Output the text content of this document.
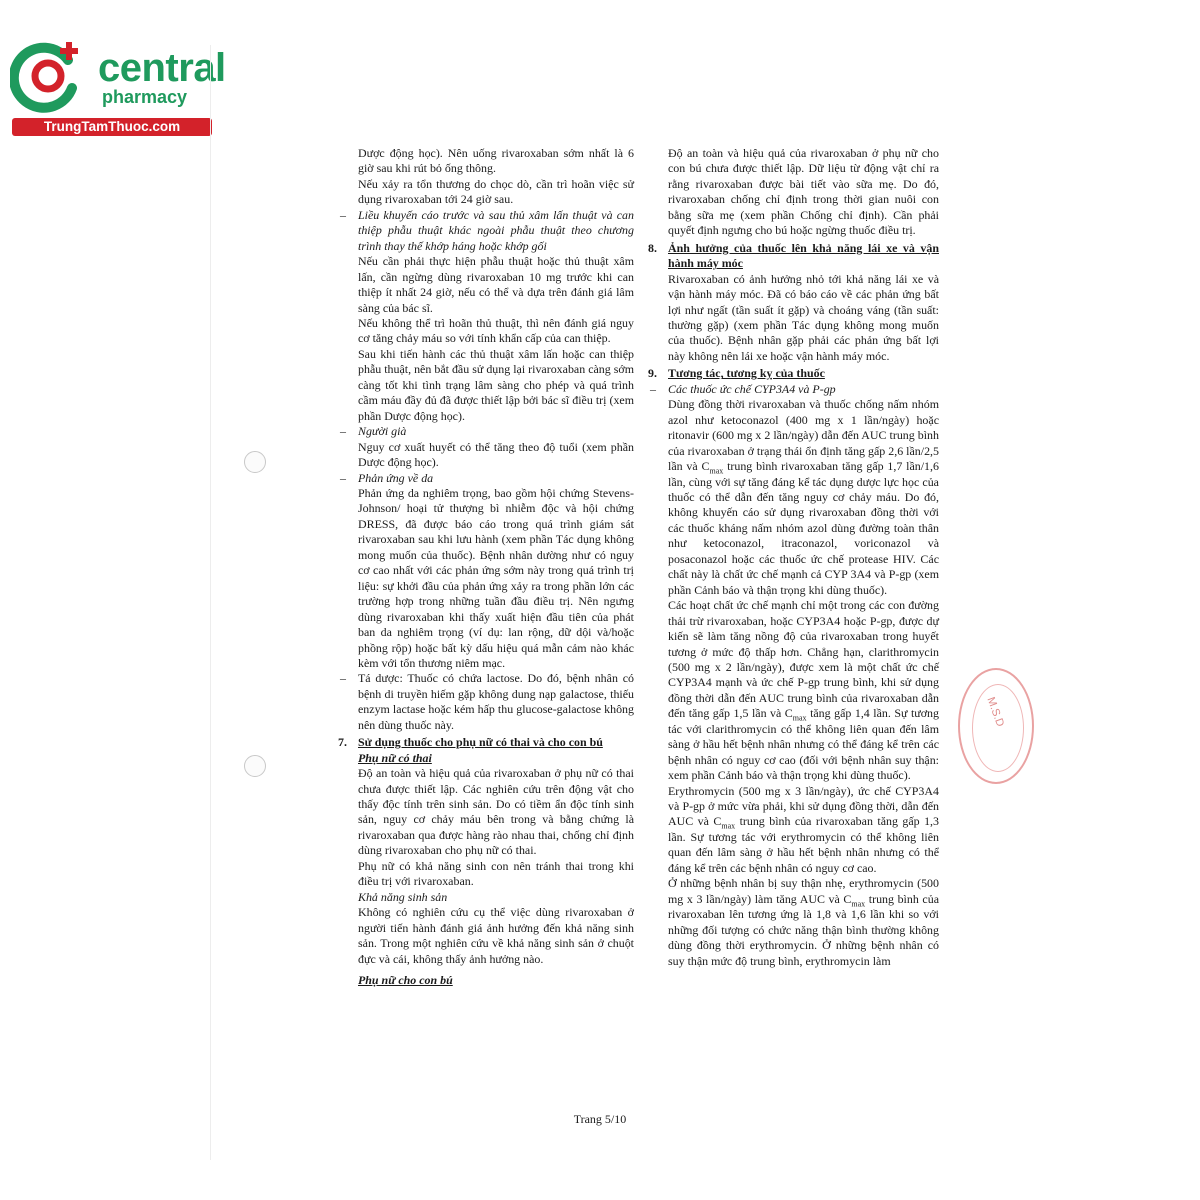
central
pharmacy
TrungTamThuoc.com
M.S.D

Dược động học). Nên uống rivaroxaban sớm nhất là 6 giờ sau khi rút bỏ ống thông.

Nếu xảy ra tổn thương do chọc dò, cần trì hoãn việc sử dụng rivaroxaban tới 24 giờ sau.

– Liều khuyến cáo trước và sau thủ xâm lấn thuật và can thiệp phẫu thuật khác ngoài phẫu thuật theo chương trình thay thế khớp háng hoặc khớp gối

Nếu cần phải thực hiện phẫu thuật hoặc thủ thuật xâm lấn, cần ngừng dùng rivaroxaban 10 mg trước khi can thiệp ít nhất 24 giờ, nếu có thể và dựa trên đánh giá lâm sàng của bác sĩ.

Nếu không thể trì hoãn thủ thuật, thì nên đánh giá nguy cơ tăng chảy máu so với tính khẩn cấp của can thiệp.

Sau khi tiến hành các thủ thuật xâm lấn hoặc can thiệp phẫu thuật, nên bắt đầu sử dụng lại rivaroxaban càng sớm càng tốt khi tình trạng lâm sàng cho phép và quá trình cầm máu đầy đủ đã được thiết lập bởi bác sĩ điều trị (xem phần Dược động học).

– Người già

Nguy cơ xuất huyết có thể tăng theo độ tuổi (xem phần Dược động học).

– Phản ứng về da

Phản ứng da nghiêm trọng, bao gồm hội chứng Stevens-Johnson/ hoại tử thượng bì nhiễm độc và hội chứng DRESS, đã được báo cáo trong quá trình giám sát rivaroxaban sau khi lưu hành (xem phần Tác dụng không mong muốn của thuốc). Bệnh nhân dường như có nguy cơ cao nhất với các phản ứng sớm này trong quá trình trị liệu: sự khởi đầu của phản ứng xảy ra trong phần lớn các trường hợp trong những tuần đầu điều trị. Nên ngưng dùng rivaroxaban khi thấy xuất hiện đầu tiên của phát ban da nghiêm trọng (ví dụ: lan rộng, dữ dội và/hoặc phồng rộp) hoặc bất kỳ dấu hiệu quá mẫn cảm nào khác kèm với tổn thương niêm mạc.

– Tá dược: Thuốc có chứa lactose. Do đó, bệnh nhân có bệnh di truyền hiếm gặp không dung nạp galactose, thiếu enzym lactase hoặc kém hấp thu glucose-galactose không nên dùng thuốc này.

7. Sử dụng thuốc cho phụ nữ có thai và cho con bú

Phụ nữ có thai

Độ an toàn và hiệu quả của rivaroxaban ở phụ nữ có thai chưa được thiết lập. Các nghiên cứu trên động vật cho thấy độc tính trên sinh sản. Do có tiềm ẩn độc tính sinh sản, nguy cơ chảy máu bên trong và bằng chứng là rivaroxaban qua được hàng rào nhau thai, chống chỉ định dùng rivaroxaban cho phụ nữ có thai.

Phụ nữ có khả năng sinh con nên tránh thai trong khi điều trị với rivaroxaban.

Khả năng sinh sản

Không có nghiên cứu cụ thể việc dùng rivaroxaban ở người tiến hành đánh giá ảnh hưởng đến khả năng sinh sản. Trong một nghiên cứu về khả năng sinh sản ở chuột đực và cái, không thấy ảnh hưởng nào.

Phụ nữ cho con bú

Độ an toàn và hiệu quả của rivaroxaban ở phụ nữ cho con bú chưa được thiết lập. Dữ liệu từ động vật chỉ ra rằng rivaroxaban được bài tiết vào sữa mẹ. Do đó, rivaroxaban chống chỉ định trong thời gian nuôi con bằng sữa mẹ (xem phần Chống chỉ định). Cần phải quyết định ngưng cho bú hoặc ngừng thuốc điều trị.

8. Ảnh hưởng của thuốc lên khả năng lái xe và vận hành máy móc

Rivaroxaban có ảnh hưởng nhỏ tới khả năng lái xe và vận hành máy móc. Đã có báo cáo về các phản ứng bất lợi như ngất (tần suất ít gặp) và choáng váng (tần suất: thường gặp) (xem phần Tác dụng không mong muốn của thuốc). Bệnh nhân gặp phải các phản ứng bất lợi này không nên lái xe hoặc vận hành máy móc.

9. Tương tác, tương kỵ của thuốc

– Các thuốc ức chế CYP3A4 và P-gp

Dùng đồng thời rivaroxaban và thuốc chống nấm nhóm azol như ketoconazol (400 mg x 1 lần/ngày) hoặc ritonavir (600 mg x 2 lần/ngày) dẫn đến AUC trung bình của rivaroxaban ở trạng thái ổn định tăng gấp 2,6 lần/2,5 lần và $C_{max}$ trung bình rivaroxaban tăng gấp 1,7 lần/1,6 lần, cùng với sự tăng đáng kể tác dụng dược lực học của thuốc có thể dẫn đến tăng nguy cơ chảy máu. Do đó, không khuyến cáo sử dụng rivaroxaban đồng thời với các thuốc kháng nấm nhóm azol dùng đường toàn thân như ketoconazol, itraconazol, voriconazol và posaconazol hoặc các thuốc ức chế protease HIV. Các chất này là chất ức chế mạnh cả CYP 3A4 và P-gp (xem phần Cảnh báo và thận trọng khi dùng thuốc).

Các hoạt chất ức chế mạnh chỉ một trong các con đường thải trừ rivaroxaban, hoặc CYP3A4 hoặc P-gp, được dự kiến sẽ làm tăng nồng độ của rivaroxaban trong huyết tương ở mức độ thấp hơn. Chẳng hạn, clarithromycin (500 mg x 2 lần/ngày), được xem là một chất ức chế CYP3A4 mạnh và ức chế P-gp trung bình, khi sử dụng đồng thời dẫn đến AUC trung bình của rivaroxaban dẫn đến tăng gấp 1,5 lần và $C_{max}$ tăng gấp 1,4 lần. Sự tương tác với clarithromycin có thể không liên quan đến lâm sàng ở hầu hết bệnh nhân nhưng có thể đáng kể trên các bệnh nhân có nguy cơ cao (đối với bệnh nhân suy thận: xem phần Cảnh báo và thận trọng khi dùng thuốc).

Erythromycin (500 mg x 3 lần/ngày), ức chế CYP3A4 và P-gp ở mức vừa phải, khi sử dụng đồng thời, dẫn đến AUC và $C_{max}$ trung bình của rivaroxaban tăng gấp 1,3 lần. Sự tương tác với erythromycin có thể không liên quan đến lâm sàng ở hầu hết bệnh nhân nhưng có thể đáng kể trên các bệnh nhân có nguy cơ cao.

Ở những bệnh nhân bị suy thận nhẹ, erythromycin (500 mg x 3 lần/ngày) làm tăng AUC và $C_{max}$ trung bình của rivaroxaban lên tương ứng là 1,8 và 1,6 lần khi so với những đối tượng có chức năng thận bình thường không dùng đồng thời erythromycin. Ở những bệnh nhân có suy thận mức độ trung bình, erythromycin làm

Trang 5/10
